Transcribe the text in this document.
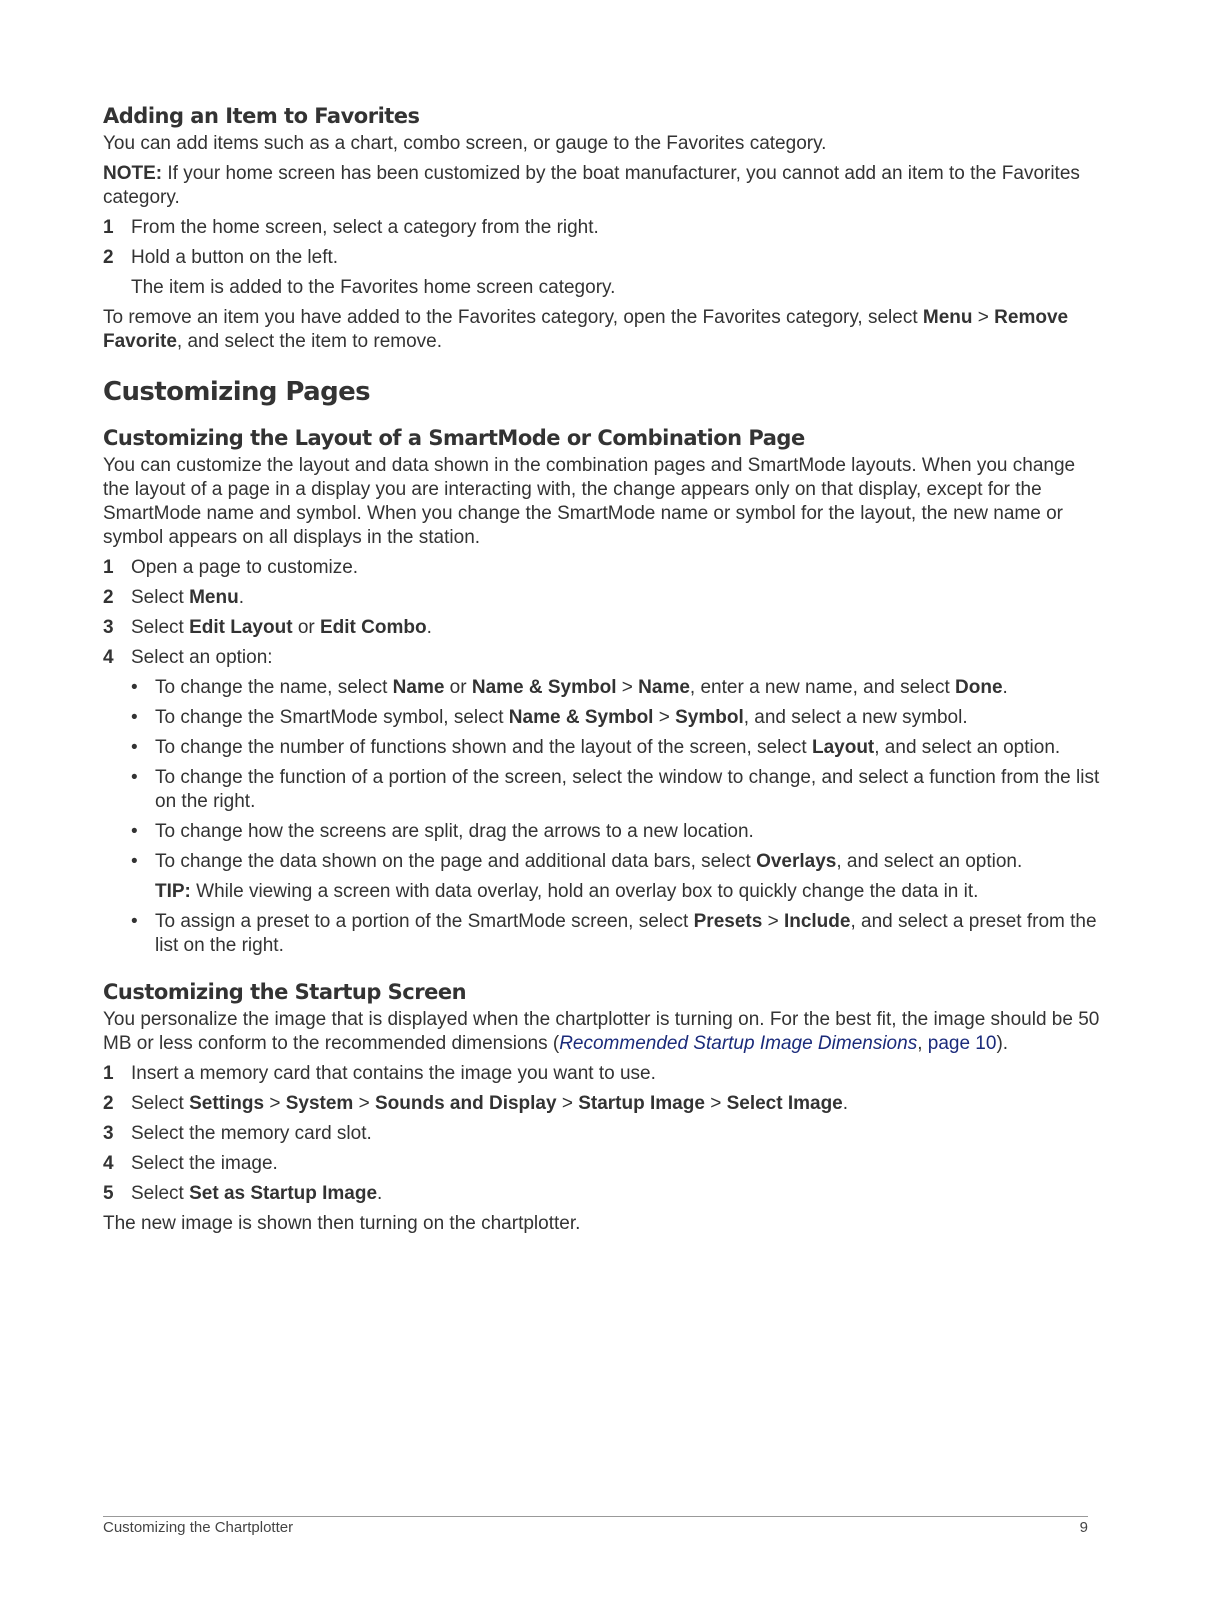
Adding an Item to Favorites

You can add items such as a chart, combo screen, or gauge to the Favorites category.

NOTE: If your home screen has been customized by the boat manufacturer, you cannot add an item to the Favorites category.

1 From the home screen, select a category from the right.
2 Hold a button on the left.

The item is added to the Favorites home screen category.

To remove an item you have added to the Favorites category, open the Favorites category, select Menu > Remove Favorite, and select the item to remove.

Customizing Pages
Customizing the Layout of a SmartMode or Combination Page

You can customize the layout and data shown in the combination pages and SmartMode layouts. When you change the layout of a page in a display you are interacting with, the change appears only on that display, except for the SmartMode name and symbol. When you change the SmartMode name or symbol for the layout, the new name or symbol appears on all displays in the station.

1 Open a page to customize.
2 Select Menu.
3 Select Edit Layout or Edit Combo.
4 Select an option:
• To change the name, select Name or Name & Symbol > Name, enter a new name, and select Done.
• To change the SmartMode symbol, select Name & Symbol > Symbol, and select a new symbol.
• To change the number of functions shown and the layout of the screen, select Layout, and select an option.
• To change the function of a portion of the screen, select the window to change, and select a function from the list on the right.
• To change how the screens are split, drag the arrows to a new location.
• To change the data shown on the page and additional data bars, select Overlays, and select an option.

TIP: While viewing a screen with data overlay, hold an overlay box to quickly change the data in it.

• To assign a preset to a portion of the SmartMode screen, select Presets > Include, and select a preset from the list on the right.
Customizing the Startup Screen

You personalize the image that is displayed when the chartplotter is turning on. For the best fit, the image should be 50 MB or less conform to the recommended dimensions (Recommended Startup Image Dimensions, page 10).

1 Insert a memory card that contains the image you want to use.
2 Select Settings > System > Sounds and Display > Startup Image > Select Image.
3 Select the memory card slot.
4 Select the image.
5 Select Set as Startup Image.

The new image is shown then turning on the chartplotter.

Customizing the Chartplotter	9
